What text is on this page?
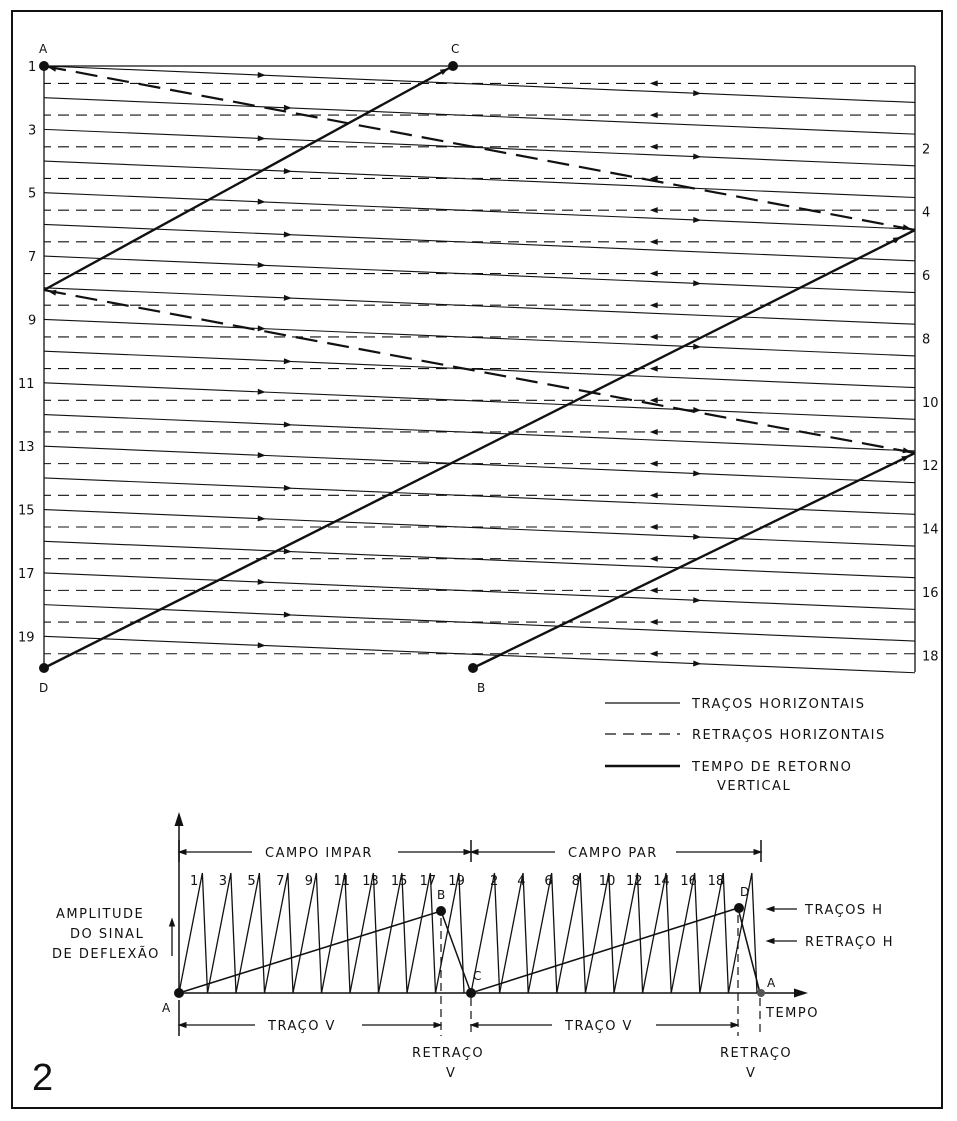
A	C
D	B
1
3
5
7
9
11
13
15
17
19
2
4
6
8
10
12
14
16
18
TRAÇOS HORIZONTAIS
RETRAÇOS HORIZONTAIS
TEMPO DE RETORNO
VERTICAL
CAMPO IMPAR	CAMPO PAR
A
B
C
D
A
TRAÇO V	TRAÇO V
RETRAÇO
V
RETRAÇO
V
AMPLITUDE
DO SINAL
DE DEFLEXÃO
TRAÇOS H
RETRAÇO H
TEMPO
1 3 5 7 9 11 13 15 17 19 2 4 6 8 10 12 14 16 18
2
